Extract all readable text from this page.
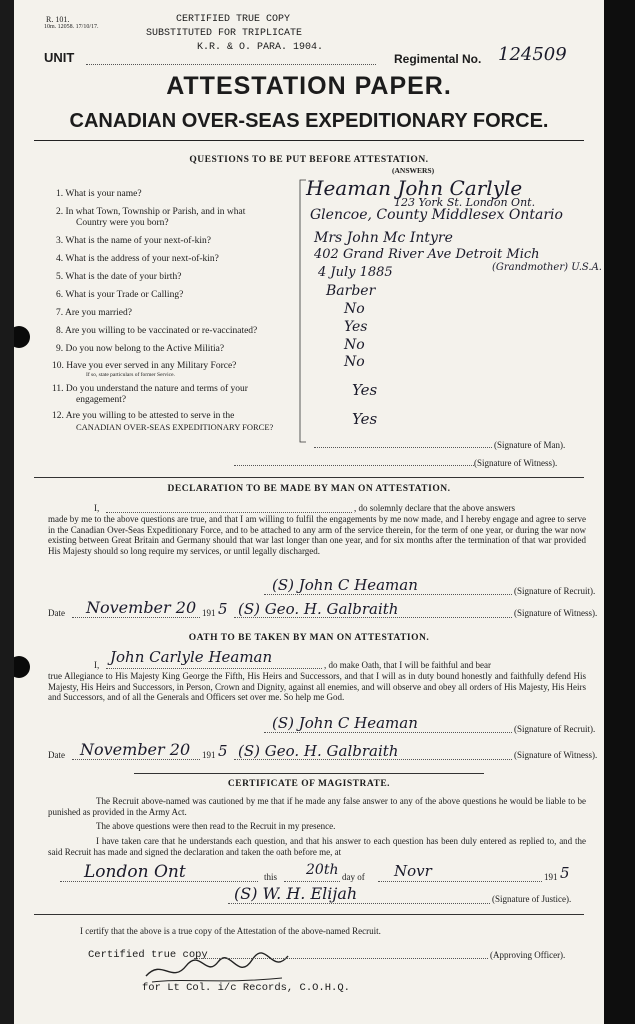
R. 101.
10m. 12058. 17/10/17.
CERTIFIED TRUE COPY
SUBSTITUTED FOR TRIPLICATE
K.R. & O. PARA. 1904.
UNIT	Regimental No. 124509
ATTESTATION PAPER.
CANADIAN OVER-SEAS EXPEDITIONARY FORCE.
QUESTIONS TO BE PUT BEFORE ATTESTATION.
(ANSWERS)
1. What is your name?	Heaman John Carlyle
2. In what Town, Township or Parish, and in what
Country were you born?
123 York St. London Ont.
Glencoe, County Middlesex Ontario
3. What is the name of your next-of-kin?	Mrs John Mc Intyre
4. What is the address of your next-of-kin?	402 Grand River Ave Detroit Mich
(Grandmother) U.S.A.
5. What is the date of your birth?	4 July 1885
6. What is your Trade or Calling?	Barber
7. Are you married?	No
8. Are you willing to be vaccinated or re-vaccinated?	Yes
9. Do you now belong to the Active Militia?	No
10. Have you ever served in any Military Force?
If so, state particulars of former Service.
No
11. Do you understand the nature and terms of your
engagement?
Yes
12. Are you willing to be attested to serve in the
CANADIAN OVER-SEAS EXPEDITIONARY FORCE?	Yes
(Signature of Man).
(Signature of Witness).
DECLARATION TO BE MADE BY MAN ON ATTESTATION.
I,	, do solemnly declare that the above answers
made by me to the above questions are true, and that I am willing to fulfil the engagements by me now made, and I hereby engage and agree to serve in the Canadian Over-Seas Expeditionary Force, and to be attached to any arm of the service therein, for the term of one year, or during the war now existing between Great Britain and Germany should that war last longer than one year, and for six months after the termination of that war provided His Majesty should so long require my services, or until legally discharged.
(S) John C Heaman	(Signature of Recruit).
Date November 20 191 5 (S) Geo. H. Galbraith	(Signature of Witness).
OATH TO BE TAKEN BY MAN ON ATTESTATION.
I, John Carlyle Heaman	, do make Oath, that I will be faithful and bear
true Allegiance to His Majesty King George the Fifth, His Heirs and Successors, and that I will as in duty bound honestly and faithfully defend His Majesty, His Heirs and Successors, in Person, Crown and Dignity, against all enemies, and will observe and obey all orders of His Majesty, His Heirs and Successors, and of all the Generals and Officers set over me. So help me God.
(S) John C Heaman	(Signature of Recruit).
Date November 20 191 5 (S) Geo. H. Galbraith	(Signature of Witness).
CERTIFICATE OF MAGISTRATE.
The Recruit above-named was cautioned by me that if he made any false answer to any of the above questions he would be liable to be punished as provided in the Army Act.
The above questions were then read to the Recruit in my presence.
I have taken care that he understands each question, and that his answer to each question has been duly entered as replied to, and the said Recruit has made and signed the declaration and taken the oath before me, at
London Ont	this 20th day of Novr	191 5
(S) W. H. Elijah	(Signature of Justice).
I certify that the above is a true copy of the Attestation of the above-named Recruit.
Certified true copy	(Approving Officer).
for Lt Col. i/c Records, C.O.H.Q.
